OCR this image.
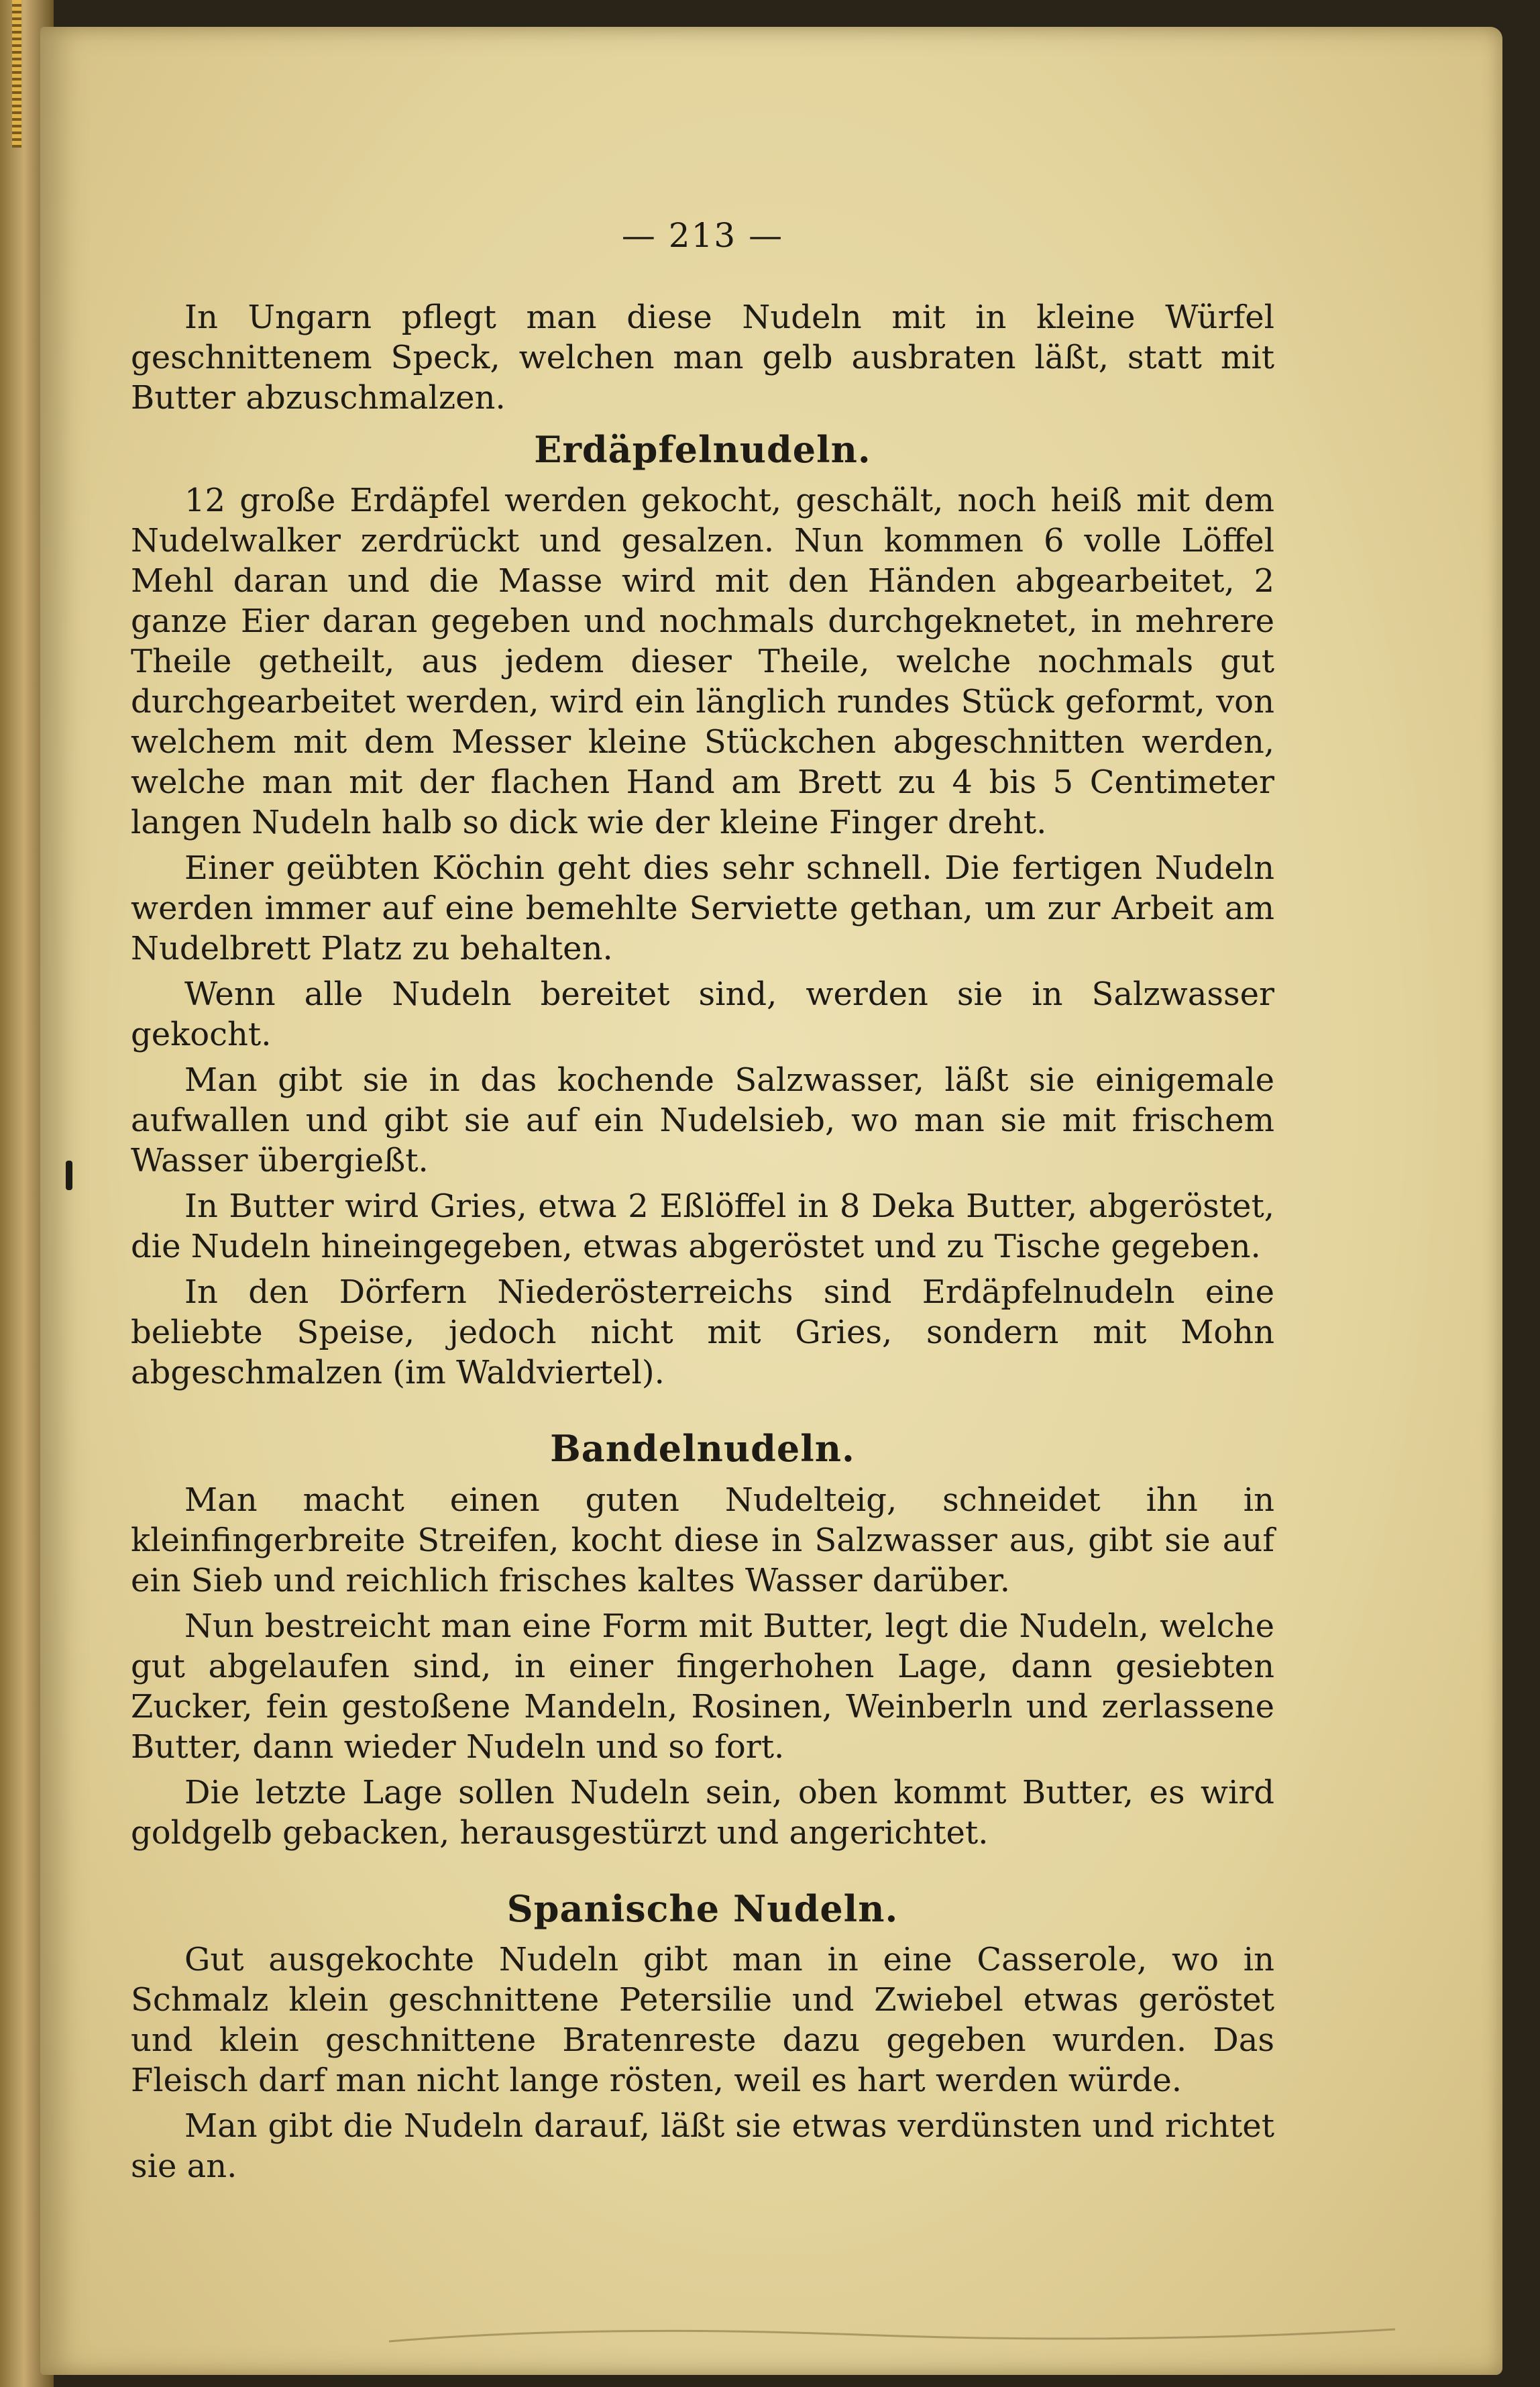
— 213 —

In Ungarn pflegt man diese Nudeln mit in kleine Würfel geschnittenem Speck, welchen man gelb ausbraten läßt, statt mit Butter abzuschmalzen.

Erdäpfelnudeln.

12 große Erdäpfel werden gekocht, geschält, noch heiß mit dem Nudelwalker zerdrückt und gesalzen. Nun kommen 6 volle Löffel Mehl daran und die Masse wird mit den Händen abgearbeitet, 2 ganze Eier daran gegeben und nochmals durchgeknetet, in mehrere Theile getheilt, aus jedem dieser Theile, welche nochmals gut durchgearbeitet werden, wird ein länglich rundes Stück geformt, von welchem mit dem Messer kleine Stückchen abgeschnitten werden, welche man mit der flachen Hand am Brett zu 4 bis 5 Centimeter langen Nudeln halb so dick wie der kleine Finger dreht.

Einer geübten Köchin geht dies sehr schnell. Die fertigen Nudeln werden immer auf eine bemehlte Serviette gethan, um zur Arbeit am Nudelbrett Platz zu behalten.

Wenn alle Nudeln bereitet sind, werden sie in Salzwasser gekocht.

Man gibt sie in das kochende Salzwasser, läßt sie einigemale aufwallen und gibt sie auf ein Nudelsieb, wo man sie mit frischem Wasser übergießt.

In Butter wird Gries, etwa 2 Eßlöffel in 8 Deka Butter, abgeröstet, die Nudeln hineingegeben, etwas abgeröstet und zu Tische gegeben.

In den Dörfern Niederösterreichs sind Erdäpfelnudeln eine beliebte Speise, jedoch nicht mit Gries, sondern mit Mohn abgeschmalzen (im Waldviertel).

Bandelnudeln.

Man macht einen guten Nudelteig, schneidet ihn in kleinfingerbreite Streifen, kocht diese in Salzwasser aus, gibt sie auf ein Sieb und reichlich frisches kaltes Wasser darüber.

Nun bestreicht man eine Form mit Butter, legt die Nudeln, welche gut abgelaufen sind, in einer fingerhohen Lage, dann gesiebten Zucker, fein gestoßene Mandeln, Rosinen, Weinberln und zerlassene Butter, dann wieder Nudeln und so fort.

Die letzte Lage sollen Nudeln sein, oben kommt Butter, es wird goldgelb gebacken, herausgestürzt und angerichtet.

Spanische Nudeln.

Gut ausgekochte Nudeln gibt man in eine Casserole, wo in Schmalz klein geschnittene Petersilie und Zwiebel etwas geröstet und klein geschnittene Bratenreste dazu gegeben wurden. Das Fleisch darf man nicht lange rösten, weil es hart werden würde.

Man gibt die Nudeln darauf, läßt sie etwas verdünsten und richtet sie an.
